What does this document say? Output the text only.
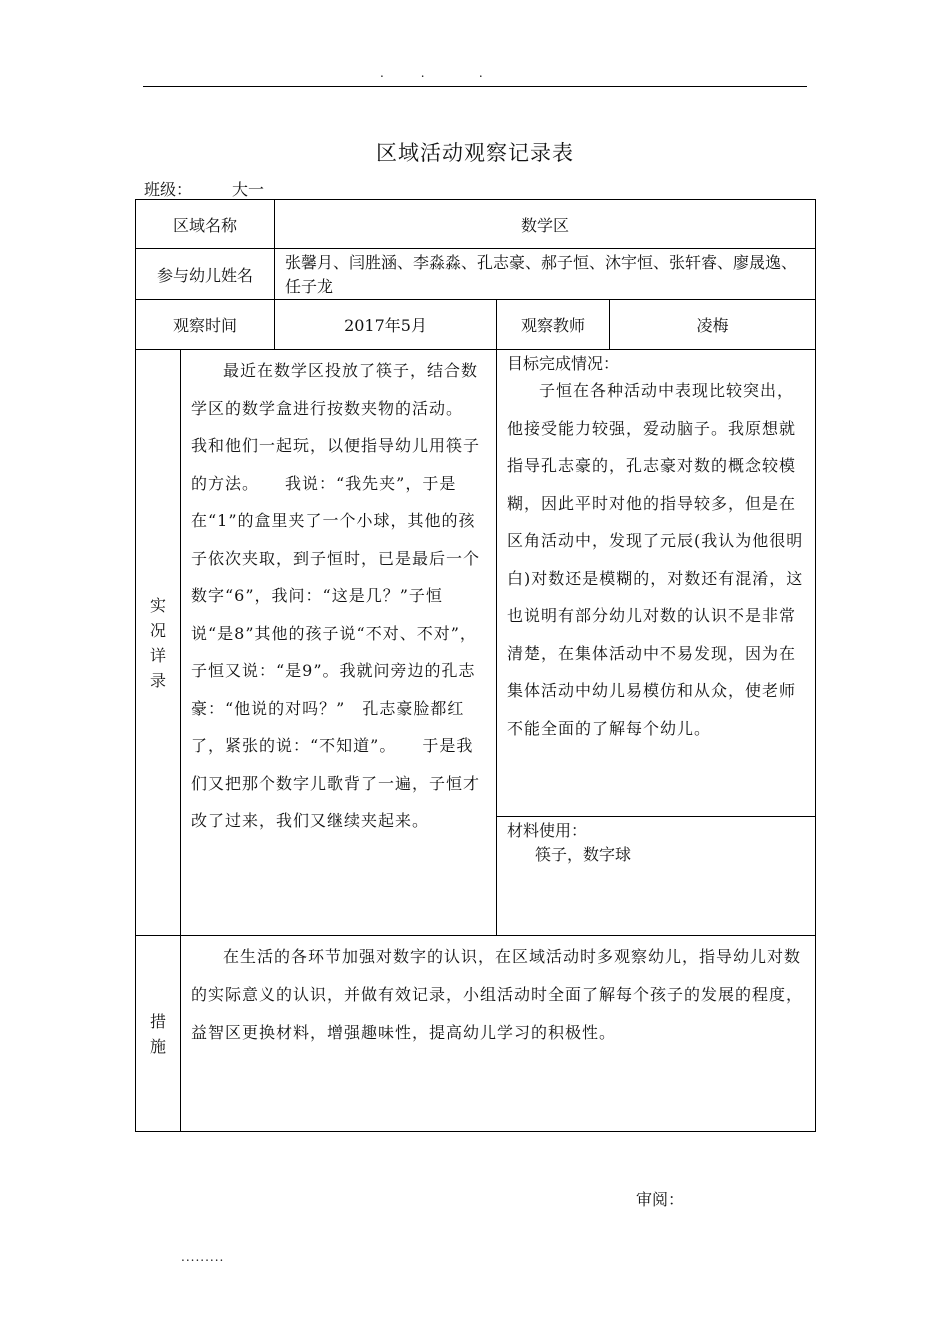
.      .         .
区域活动观察记录表
班级：	大一
区域名称		数学区		
参与幼儿姓名		张馨月、闫胜涵、李淼淼、孔志豪、郝子恒、沐宇恒、张轩睿、廖晟逸、任子龙		
观察时间		2017年5月	观察教师	凌梅

实况详录	最近在数学区投放了筷子，结合数学区的数学盒进行按数夹物的活动。　　我和他们一起玩，以便指导幼儿用筷子的方法。　　我说：“我先夹”，于是在“1”的盒里夹了一个小球，其他的孩子依次夹取，到子恒时，已是最后一个数字“6”，我问：“这是几？”子恒说“是8”其他的孩子说“不对、不对”，　子恒又说：“是9”。我就问旁边的孔志豪：“他说的对吗？”　孔志豪脸都红了，紧张的说：“不知道”。　　于是我们又把那个数字儿歌背了一遍，子恒才改了过来，我们又继续夹起来。		目标完成情况：
子恒在各种活动中表现比较突出，他接受能力较强，爱动脑子。我原想就指导孔志豪的，孔志豪对数的概念较模糊，因此平时对他的指导较多，但是在区角活动中，发现了元辰(我认为他很明白)对数还是模糊的，对数还有混淆，这也说明有部分幼儿对数的认识不是非常清楚，在集体活动中不易发现，因为在集体活动中幼儿易模仿和从众，使老师不能全面的了解每个幼儿。	

			材料使用：
筷子，数字球	

措施	在生活的各环节加强对数字的认识，在区域活动时多观察幼儿，指导幼儿对数的实际意义的认识，并做有效记录，小组活动时全面了解每个孩子的发展的程度，益智区更换材料，增强趣味性，提高幼儿学习的积极性。			
审阅：
.........
